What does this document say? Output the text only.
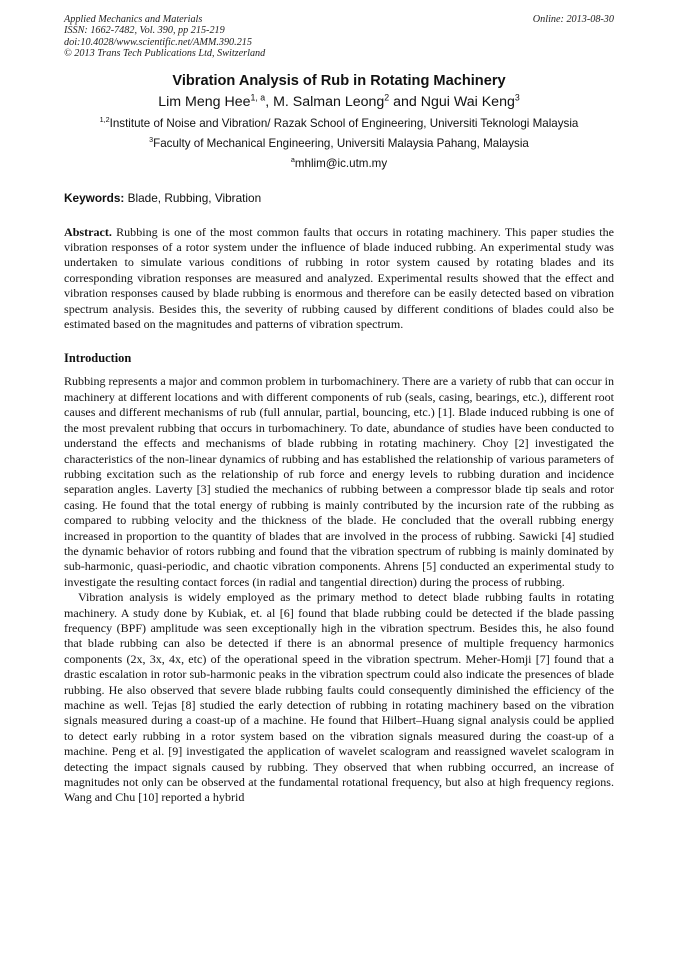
Applied Mechanics and Materials
ISSN: 1662-7482, Vol. 390, pp 215-219
doi:10.4028/www.scientific.net/AMM.390.215
© 2013 Trans Tech Publications Ltd, Switzerland
Online: 2013-08-30
Vibration Analysis of Rub in Rotating Machinery
Lim Meng Hee$^{1, a}$, M. Salman Leong$^2$ and Ngui Wai Keng$^3$
$^{1,2}$Institute of Noise and Vibration/ Razak School of Engineering, Universiti Teknologi Malaysia
$^3$Faculty of Mechanical Engineering, Universiti Malaysia Pahang, Malaysia
$^a$mhlim@ic.utm.my
Keywords: Blade, Rubbing, Vibration
Abstract. Rubbing is one of the most common faults that occurs in rotating machinery. This paper studies the vibration responses of a rotor system under the influence of blade induced rubbing. An experimental study was undertaken to simulate various conditions of rubbing in rotor system caused by rotating blades and its corresponding vibration responses are measured and analyzed. Experimental results showed that the effect and vibration responses caused by blade rubbing is enormous and therefore can be easily detected based on vibration spectrum analysis. Besides this, the severity of rubbing caused by different conditions of blades could also be estimated based on the magnitudes and patterns of vibration spectrum.
Introduction
Rubbing represents a major and common problem in turbomachinery. There are a variety of rubb that can occur in machinery at different locations and with different components of rub (seals, casing, bearings, etc.), different root causes and different mechanisms of rub (full annular, partial, bouncing, etc.) [1]. Blade induced rubbing is one of the most prevalent rubbing that occurs in turbomachinery. To date, abundance of studies have been conducted to understand the effects and mechanisms of blade rubbing in rotating machinery. Choy [2] investigated the characteristics of the non-linear dynamics of rubbing and has established the relationship of various parameters of rubbing excitation such as the relationship of rub force and energy levels to rubbing duration and incidence separation angles. Laverty [3] studied the mechanics of rubbing between a compressor blade tip seals and rotor casing. He found that the total energy of rubbing is mainly contributed by the incursion rate of the rubbing as compared to rubbing velocity and the thickness of the blade. He concluded that the overall rubbing energy increased in proportion to the quantity of blades that are involved in the process of rubbing. Sawicki [4] studied the dynamic behavior of rotors rubbing and found that the vibration spectrum of rubbing is mainly dominated by sub-harmonic, quasi-periodic, and chaotic vibration components. Ahrens [5] conducted an experimental study to investigate the resulting contact forces (in radial and tangential direction) during the process of rubbing.
Vibration analysis is widely employed as the primary method to detect blade rubbing faults in rotating machinery. A study done by Kubiak, et. al [6] found that blade rubbing could be detected if the blade passing frequency (BPF) amplitude was seen exceptionally high in the vibration spectrum. Besides this, he also found that blade rubbing can also be detected if there is an abnormal presence of multiple frequency harmonics components (2x, 3x, 4x, etc) of the operational speed in the vibration spectrum. Meher-Homji [7] found that a drastic escalation in rotor sub-harmonic peaks in the vibration spectrum could also indicate the presences of blade rubbing. He also observed that severe blade rubbing faults could consequently diminished the efficiency of the machine as well. Tejas [8] studied the early detection of rubbing in rotating machinery based on the vibration signals measured during a coast-up of a machine. He found that Hilbert–Huang signal analysis could be applied to detect early rubbing in a rotor system based on the vibration signals measured during the coast-up of a machine. Peng et al. [9] investigated the application of wavelet scalogram and reassigned wavelet scalogram in detecting the impact signals caused by rubbing. They observed that when rubbing occurred, an increase of magnitudes not only can be observed at the fundamental rotational frequency, but also at high frequency regions. Wang and Chu [10] reported a hybrid
